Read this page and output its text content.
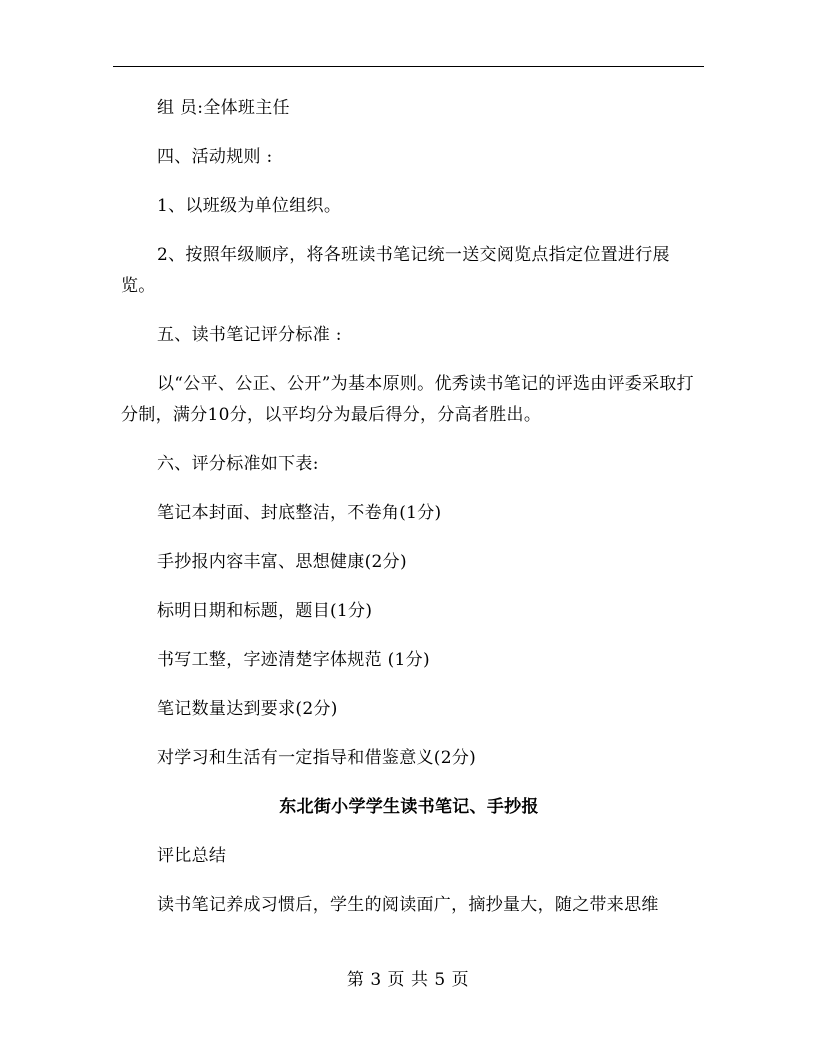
组 员:全体班主任

四、活动规则 :

1、以班级为单位组织。

2、按照年级顺序，将各班读书笔记统一送交阅览点指定位置进行展览。

五、读书笔记评分标准 :

以“公平、公正、公开”为基本原则。优秀读书笔记的评选由评委采取打分制，满分10分，以平均分为最后得分，分高者胜出。

六、评分标准如下表:

笔记本封面、封底整洁，不卷角(1分)

手抄报内容丰富、思想健康(2分)

标明日期和标题，题目(1分)

书写工整，字迹清楚字体规范 (1分)

笔记数量达到要求(2分)

对学习和生活有一定指导和借鉴意义(2分)

东北街小学学生读书笔记、手抄报

评比总结

读书笔记养成习惯后，学生的阅读面广，摘抄量大，随之带来思维

第 3 页 共 5 页
